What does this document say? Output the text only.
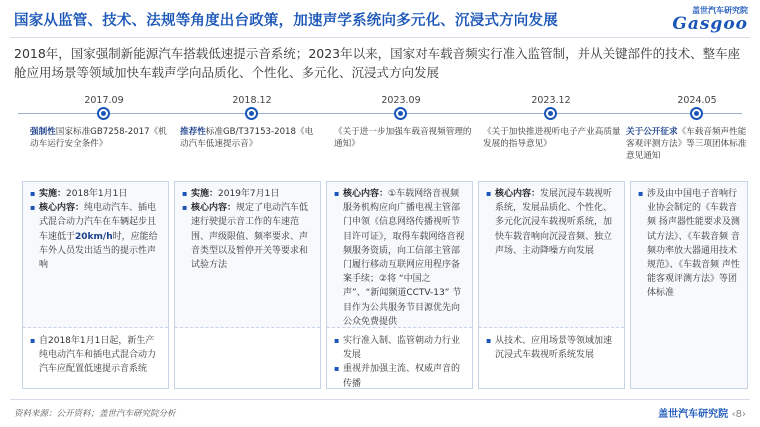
国家从监管、技术、法规等角度出台政策，加速声学系统向多元化、沉浸式方向发展
盖世汽车研究院
Gasgoo
2018年，国家强制新能源汽车搭载低速提示音系统；2023年以来，国家对车载音频实行准入监管制，并从关键部件的技术、整车座舱应用场景等领域加快车载声学向品质化、个性化、多元化、沉浸式方向发展
2017.09	2018.12	2023.09	2023.12	2024.05
强制性国家标准GB7258-2017《机动车运行安全条件》
推荐性标准GB/T37153-2018《电动汽车低速提示音》
《关于进一步加强车载音视频管理的通知》
《关于加快推进视听电子产业高质量发展的指导意见》
关于公开征求《车载音频声性能客观评测方法》等三项团体标准意见通知
▪ 实施：2018年1月1日
▪ 核心内容：纯电动汽车、插电式混合动力汽车在车辆起步且车速低于20km/h时，应能给车外人员发出适当的提示性声响
▪ 自2018年1月1日起，新生产纯电动汽车和插电式混合动力汽车应配置低速提示音系统
▪ 实施：2019年7月1日
▪ 核心内容：规定了电动汽车低速行驶提示音工作的车速范围、声级限值、频率要求、声音类型以及暂停开关等要求和试验方法
▪ 核心内容：①车载网络音视频服务机构应向广播电视主管部门申领《信息网络传播视听节目许可证》，取得车载网络音视频服务资质，向工信部主管部门履行移动互联网应用程序备案手续；②将 “中国之声”、“新闻频道CCTV-13” 节目作为公共服务节目源优先向公众免费提供
▪ 实行准入制、监管朝动力行业发展
▪ 重视并加强主流、权威声音的传播
▪ 核心内容：发展沉浸车载视听系统，发展品质化、个性化、多元化沉浸车载视听系统，加快车载音响向沉浸音频、独立声场、主动降噪方向发展
▪ 从技术、应用场景等领域加速沉浸式车载视听系统发展
▪ 涉及由中国电子音响行业协会制定的《车载音频 扬声器性能要求及测试方法》、《车载音频 音频功率放大器通用技术规范》、《车载音频 声性能客观评测方法》等团体标准
资料来源：公开资料；盖世汽车研究院分析	盖世汽车研究院 ‹8›
